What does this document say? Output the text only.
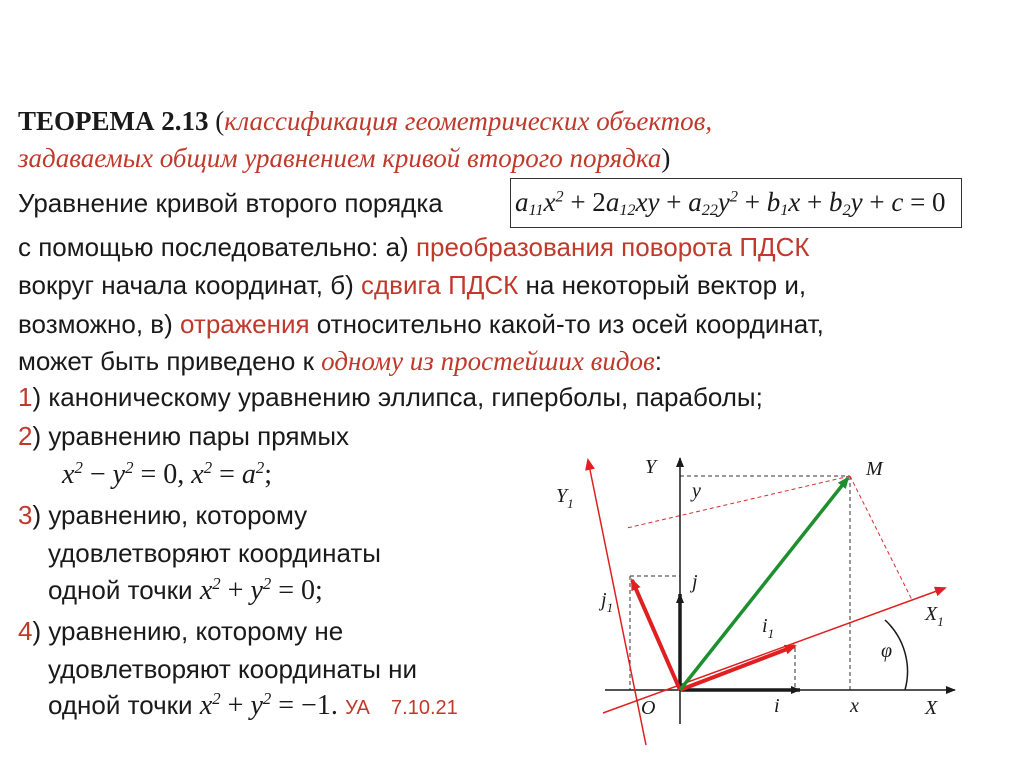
ТЕОРЕМА 2.13 (классификация геометрических объектов,
задаваемых общим уравнением кривой второго порядка)
Уравнение кривой второго порядка	$a_{11}x^2 + 2a_{12}xy + a_{22}y^2 + b_1x + b_2y + c = 0$
с помощью последовательно: а) преобразования поворота ПДСК
вокруг начала координат, б) сдвига ПДСК на некоторый вектор и,
возможно, в) отражения относительно какой-то из осей координат,
может быть приведено к одному из простейших видов:
1) каноническому уравнению эллипса, гиперболы, параболы;
2) уравнению пары прямых
$x^2 - y^2 = 0$, $x^2 = a^2$;
3) уравнению, которому
удовлетворяют координаты
одной точки $x^2 + y^2 = 0$;
4) уравнению, которому не
удовлетворяют координаты ни
одной точки $x^2 + y^2 = -1$. УА 7.10.21
Y	M
$Y_1$
y
j
$j_1$
$i_1$
$X_1$
φ
O	i	x	X
